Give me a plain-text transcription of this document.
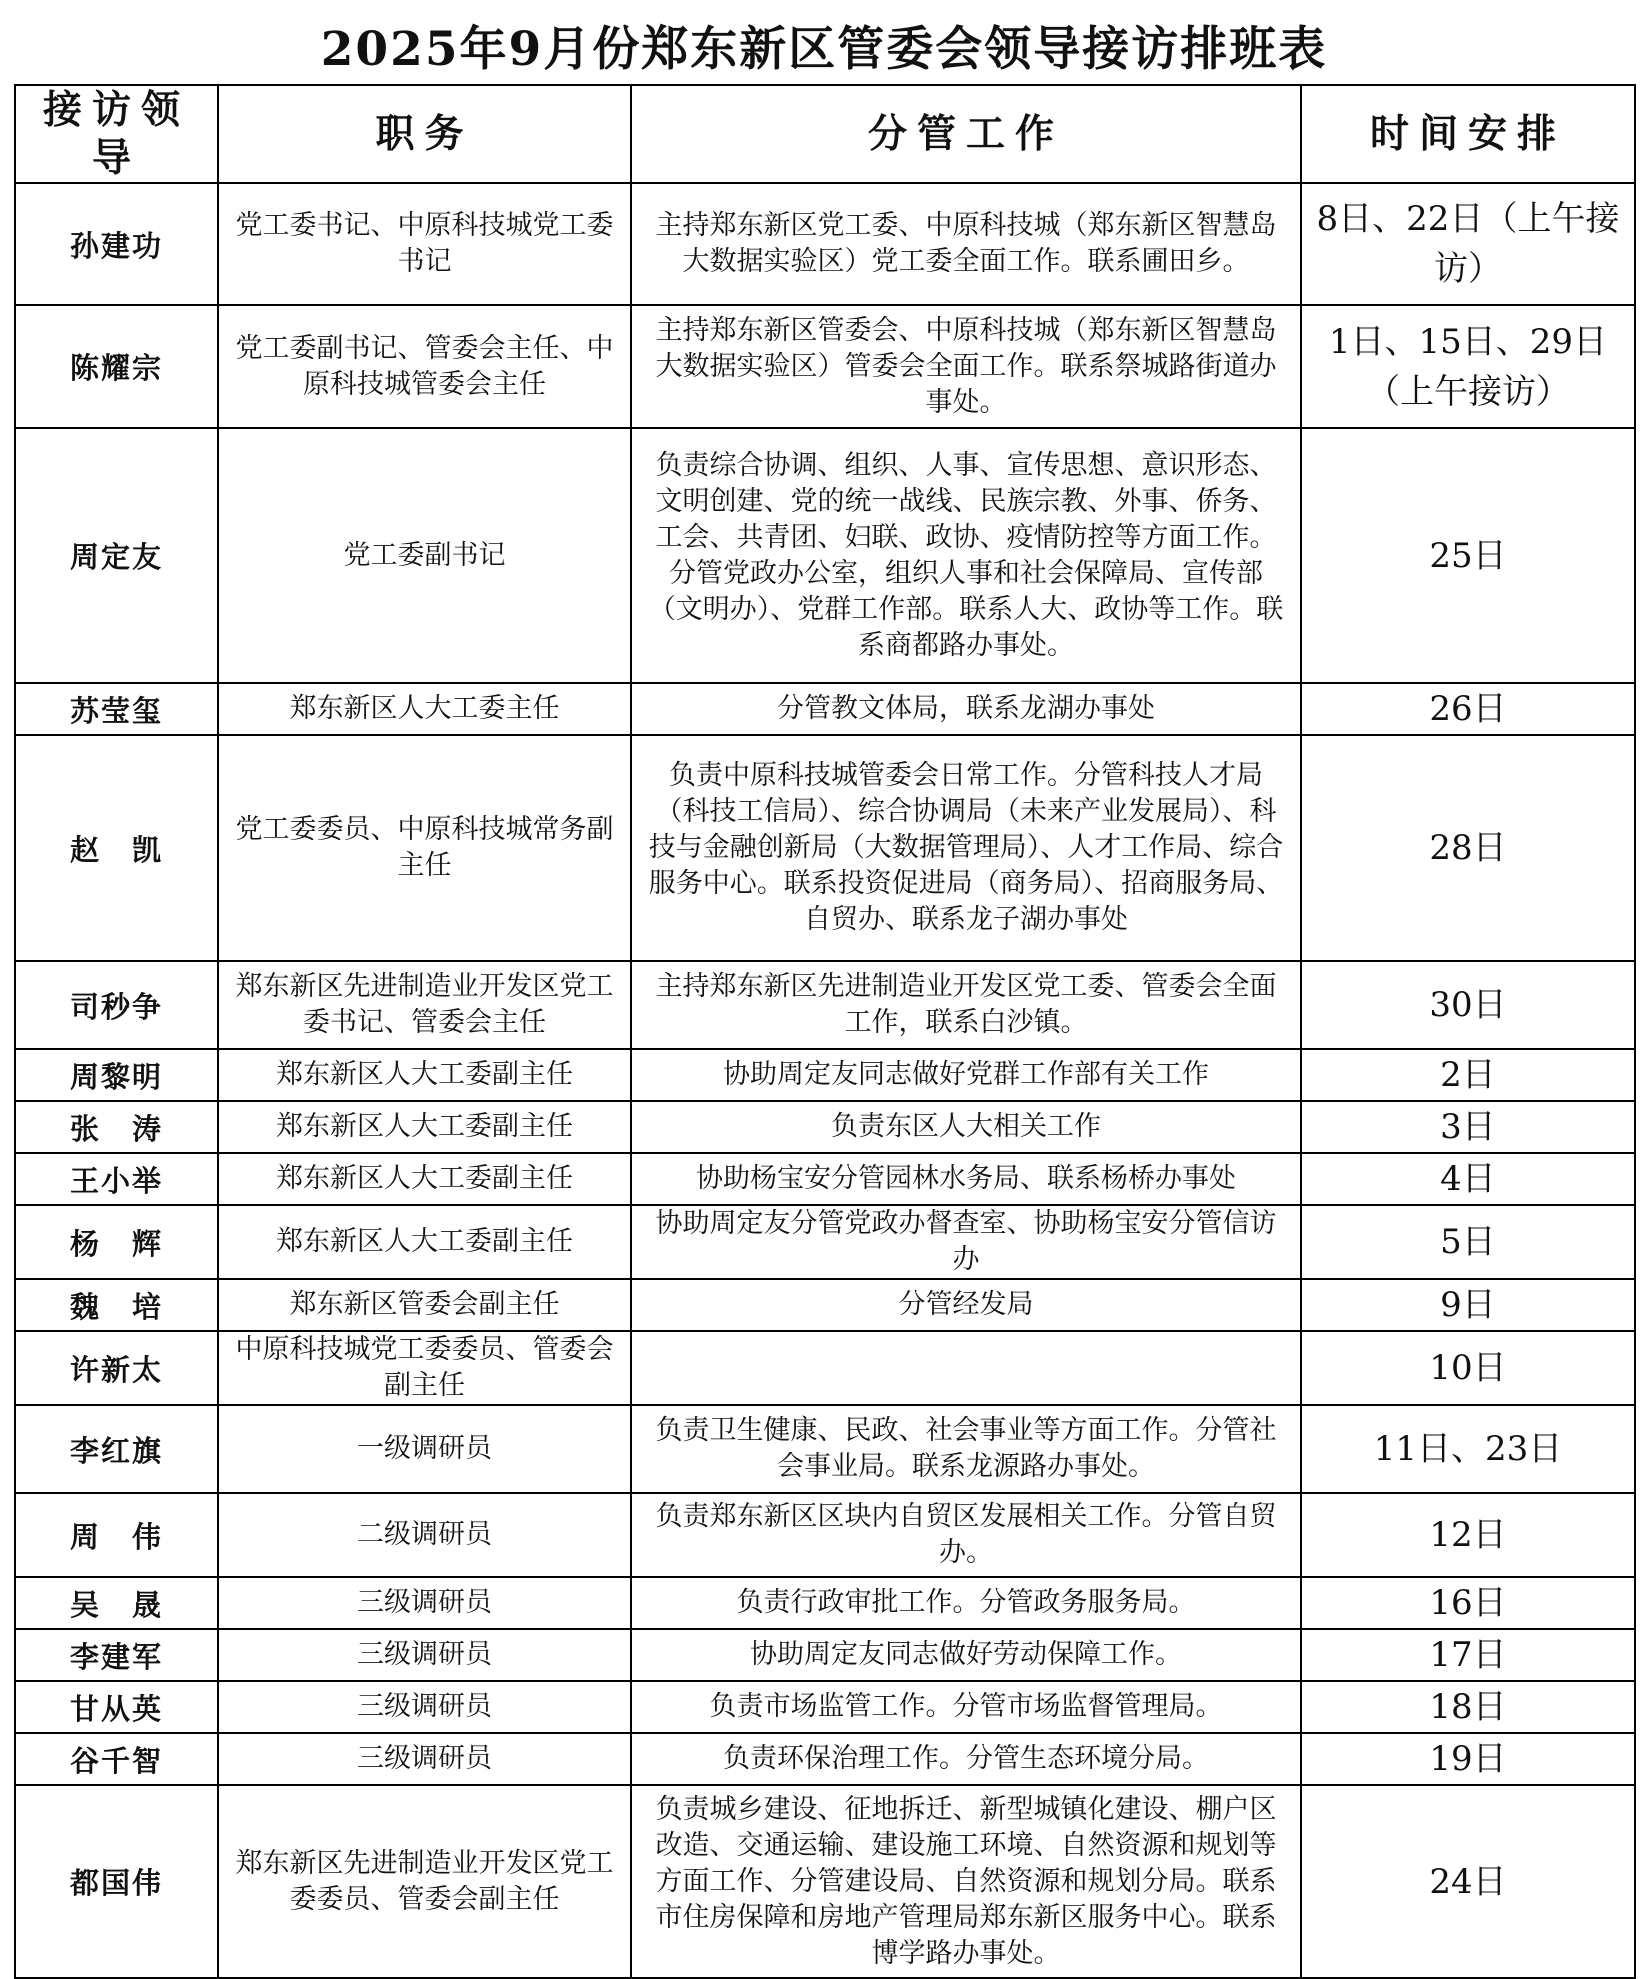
2025年9月份郑东新区管委会领导接访排班表
接访领导	职务	分管工作	时间安排
孙建功	党工委书记、中原科技城党工委书记	主持郑东新区党工委、中原科技城（郑东新区智慧岛大数据实验区）党工委全面工作。联系圃田乡。	8日、22日（上午接访）
陈耀宗	党工委副书记、管委会主任、中原科技城管委会主任	主持郑东新区管委会、中原科技城（郑东新区智慧岛大数据实验区）管委会全面工作。联系祭城路街道办事处。	1日、15日、29日（上午接访）
周定友	党工委副书记	负责综合协调、组织、人事、宣传思想、意识形态、文明创建、党的统一战线、民族宗教、外事、侨务、工会、共青团、妇联、政协、疫情防控等方面工作。分管党政办公室，组织人事和社会保障局、宣传部（文明办）、党群工作部。联系人大、政协等工作。联系商都路办事处。	25日
苏莹玺	郑东新区人大工委主任	分管教文体局，联系龙湖办事处	26日
赵　凯	党工委委员、中原科技城常务副主任	负责中原科技城管委会日常工作。分管科技人才局（科技工信局）、综合协调局（未来产业发展局）、科技与金融创新局（大数据管理局）、人才工作局、综合服务中心。联系投资促进局（商务局）、招商服务局、自贸办、联系龙子湖办事处	28日
司秒争	郑东新区先进制造业开发区党工委书记、管委会主任	主持郑东新区先进制造业开发区党工委、管委会全面工作，联系白沙镇。	30日
周黎明	郑东新区人大工委副主任	协助周定友同志做好党群工作部有关工作	2日
张　涛	郑东新区人大工委副主任	负责东区人大相关工作	3日
王小举	郑东新区人大工委副主任	协助杨宝安分管园林水务局、联系杨桥办事处	4日
杨　辉	郑东新区人大工委副主任	协助周定友分管党政办督查室、协助杨宝安分管信访办	5日
魏　培	郑东新区管委会副主任	分管经发局	9日
许新太	中原科技城党工委委员、管委会副主任		10日
李红旗	一级调研员	负责卫生健康、民政、社会事业等方面工作。分管社会事业局。联系龙源路办事处。	11日、23日
周　伟	二级调研员	负责郑东新区区块内自贸区发展相关工作。分管自贸办。	12日
吴　晟	三级调研员	负责行政审批工作。分管政务服务局。	16日
李建军	三级调研员	协助周定友同志做好劳动保障工作。	17日
甘从英	三级调研员	负责市场监管工作。分管市场监督管理局。	18日
谷千智	三级调研员	负责环保治理工作。分管生态环境分局。	19日
都国伟	郑东新区先进制造业开发区党工委委员、管委会副主任	负责城乡建设、征地拆迁、新型城镇化建设、棚户区改造、交通运输、建设施工环境、自然资源和规划等方面工作、分管建设局、自然资源和规划分局。联系市住房保障和房地产管理局郑东新区服务中心。联系博学路办事处。	24日
